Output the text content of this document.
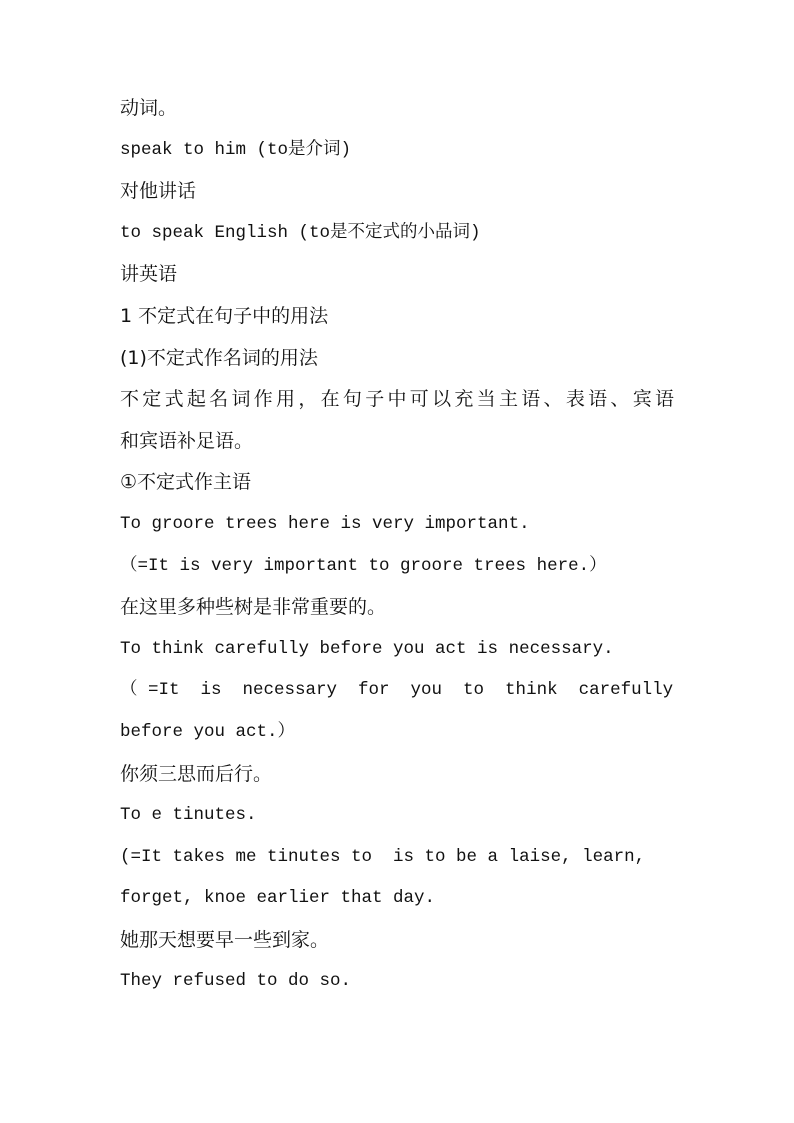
动词。
speak to him (to是介词)
对他讲话
to speak English (to是不定式的小品词)
讲英语
1 不定式在句子中的用法
(1)不定式作名词的用法
不定式起名词作用，在句子中可以充当主语、表语、宾语
和宾语补足语。
①不定式作主语
To groore trees here is very important.
（=It is very important to groore trees here.）
在这里多种些树是非常重要的。
To think carefully before you act is necessary.
（ =It  is  necessary  for  you  to  think  carefully
before you act.）
你须三思而后行。
To e tinutes.
(=It takes me tinutes to  is to be a laise, learn,
forget, knoe earlier that day.
她那天想要早一些到家。
They refused to do so.
